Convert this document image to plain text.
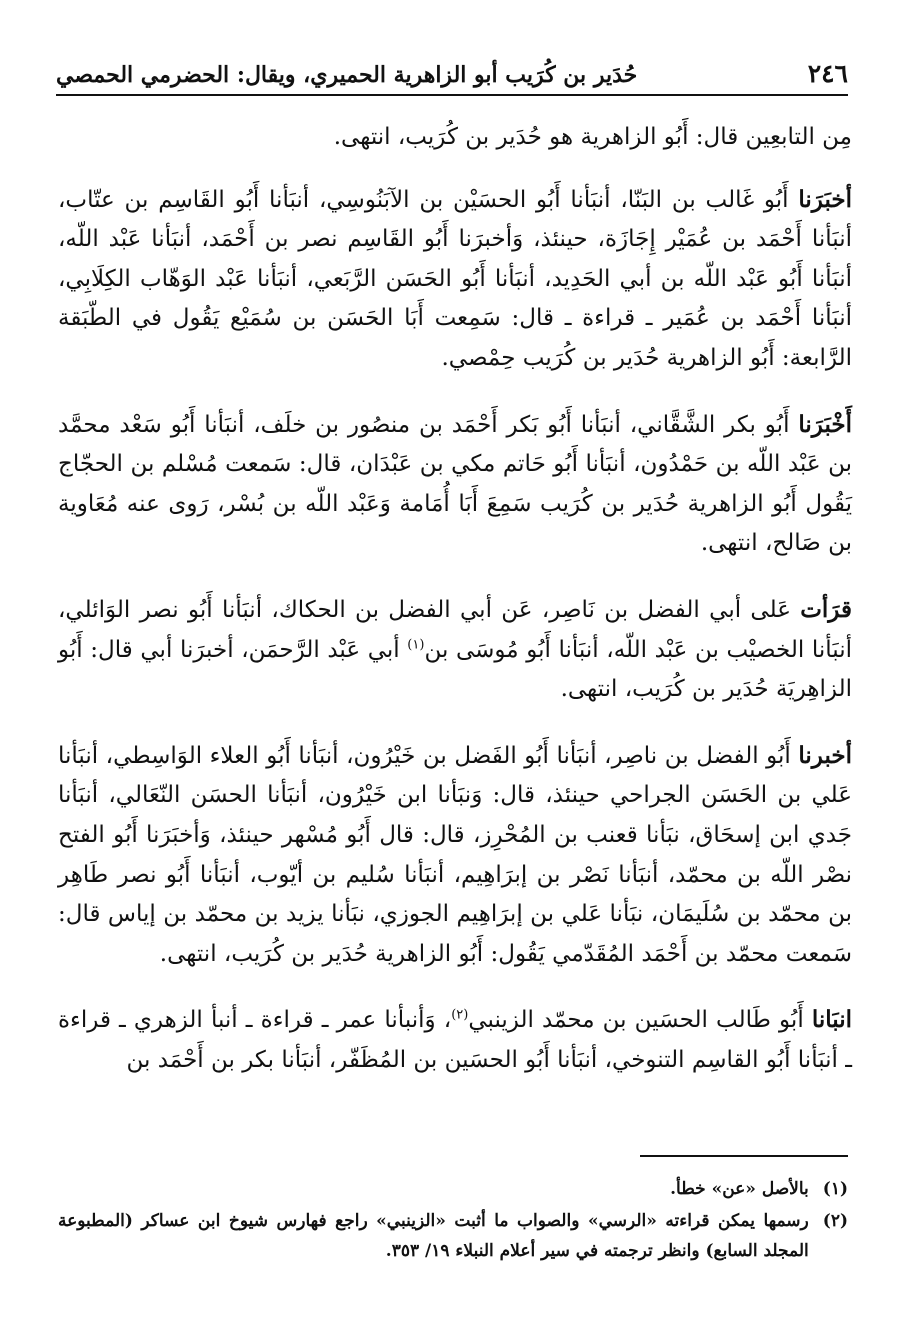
٢٤٦
حُدَير بن كُرَيب أبو الزاهرية الحميري، ويقال: الحضرمي الحمصي

مِن التابعِين قال: أَبُو الزاهرية هو حُدَير بن كُرَيب، انتهى.

أخبَرَنا أَبُو غَالب بن البَنّا، أنبَأنا أَبُو الحسَيْن بن الآبَنُوسِي، أنبَأنا أَبُو القَاسِم بن عتّاب، أنبَأنا أَحْمَد بن عُمَيْر إِجَازَة، حينئذ، وَأخبرَنا أَبُو القَاسِم نصر بن أَحْمَد، أنبَأنا عَبْد اللّه، أنبَأنا أَبُو عَبْد اللّه بن أبي الحَدِيد، أنبَأنا أَبُو الحَسَن الرَّبَعي، أنبَأنا عَبْد الوَهّاب الكِلَابِي، أنبَأنا أَحْمَد بن عُمَير ـ قراءة ـ قال: سَمِعت أَبَا الحَسَن بن سُمَيْع يَقُول في الطّبَقة الرَّابعة: أَبُو الزاهرية حُدَير بن كُرَيب حِمْصي.

أَخْبَرَنا أَبُو بكر الشَّقَّاني، أنبَأنا أَبُو بَكر أَحْمَد بن منصُور بن خلَف، أنبَأنا أَبُو سَعْد محمَّد بن عَبْد اللّه بن حَمْدُون، أنبَأنا أَبُو حَاتم مكي بن عَبْدَان، قال: سَمعت مُسْلم بن الحجّاج يَقُول أَبُو الزاهرية حُدَير بن كُرَيب سَمِعَ أَبَا أُمَامة وَعَبْد اللّه بن بُسْر، رَوى عنه مُعَاوية بن صَالح، انتهى.

قرَأت عَلى أبي الفضل بن نَاصِر، عَن أبي الفضل بن الحكاك، أنبَأنا أَبُو نصر الوَائلي، أنبَأنا الخصيْب بن عَبْد اللّه، أنبَأنا أَبُو مُوسَى بن$^{(١)}$ أبي عَبْد الرَّحمَن، أخبرَنا أبي قال: أَبُو الزاهِريَة حُدَير بن كُرَيب، انتهى.

أخبرنا أَبُو الفضل بن ناصِر، أنبَأنا أَبُو الفَضل بن خَيْرُون، أنبَأنا أَبُو العلاء الوَاسِطي، أنبَأنا عَلي بن الحَسَن الجراحي حينئذ، قال: وَنبَأنا ابن خَيْرُون، أنبَأنا الحسَن النّعَالي، أنبَأنا جَدي ابن إسحَاق، نبَأنا قعنب بن المُحْرِز، قال: قال أَبُو مُسْهر حينئذ، وَأخبَرَنا أَبُو الفتح نصْر اللّه بن محمّد، أنبَأنا نَصْر بن إبرَاهِيم، أنبَأنا سُليم بن أيّوب، أنبَأنا أَبُو نصر طَاهِر بن محمّد بن سُلَيمَان، نبَأنا عَلي بن إبرَاهِيم الجوزي، نبَأنا يزيد بن محمّد بن إياس قال: سَمعت محمّد بن أَحْمَد المُقَدّمي يَقُول: أَبُو الزاهرية حُدَير بن كُرَيب، انتهى.

انبَانا أَبُو طَالب الحسَين بن محمّد الزينبي$^{(٢)}$، وَأنبأنا عمر ـ قراءة ـ أنبأ الزهري ـ قراءة ـ أنبَأنا أَبُو القاسِم التنوخي، أنبَأنا أَبُو الحسَين بن المُظَفّر، أنبَأنا بكر بن أَحْمَد بن

(١)
بالأصل «عن» خطأ.
(٢)
رسمها يمكن قراءته «الرسي» والصواب ما أثبت «الزينبي» راجع فهارس شيوخ ابن عساكر (المطبوعة المجلد السابع) وانظر ترجمته في سير أعلام النبلاء ١٩/ ٣٥٣.
